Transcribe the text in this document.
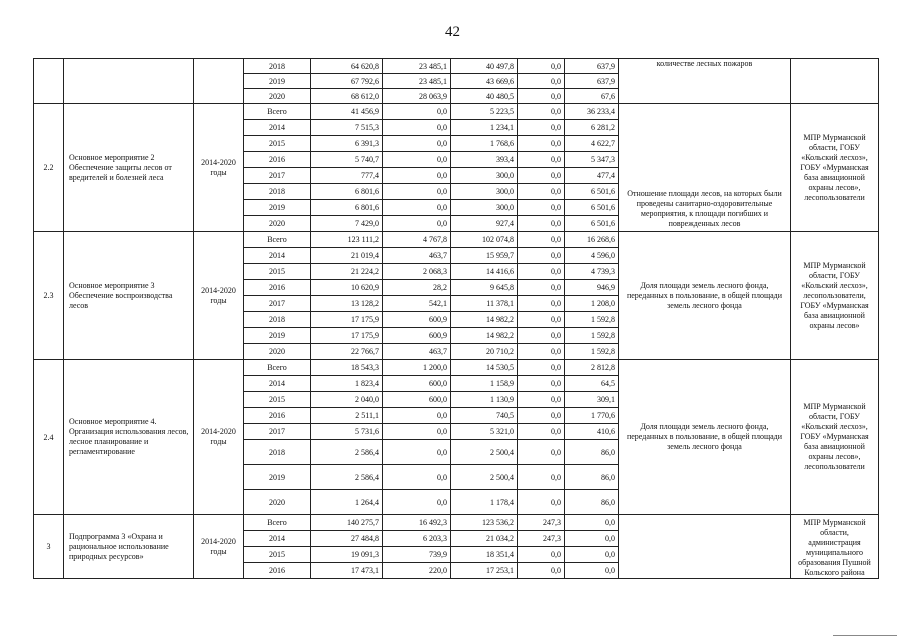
42
			2018	64 620,8	23 485,1	40 497,8	0,0	637,9	количестве лесных пожаров	
			2019	67 792,6	23 485,1	43 669,6	0,0	637,9		
			2020	68 612,0	28 063,9	40 480,5	0,0	67,6		
2.2	Основное мероприятие 2 Обеспечение защиты лесов от вредителей и болезней леса	2014-2020 годы	Всего	41 456,9	0,0	5 223,5	0,0	36 233,4	Отношение площади лесов, на которых были проведены санитарно-оздоровительные мероприятия, к площади погибших и поврежденных лесов	МПР Мурманской области, ГОБУ «Кольский лесхоз», ГОБУ «Мурманская база авиационной охраны лесов», лесопользователи
			2014	7 515,3	0,0	1 234,1	0,0	6 281,2		
			2015	6 391,3	0,0	1 768,6	0,0	4 622,7		
			2016	5 740,7	0,0	393,4	0,0	5 347,3		
			2017	777,4	0,0	300,0	0,0	477,4		
			2018	6 801,6	0,0	300,0	0,0	6 501,6		
			2019	6 801,6	0,0	300,0	0,0	6 501,6		
			2020	7 429,0	0,0	927,4	0,0	6 501,6		
2.3	Основное мероприятие 3 Обеспечение воспроизводства лесов	2014-2020 годы	Всего	123 111,2	4 767,8	102 074,8	0,0	16 268,6	Доля площади земель лесного фонда, переданных в пользование, в общей площади земель лесного фонда	МПР Мурманской области, ГОБУ «Кольский лесхоз», лесопользователи, ГОБУ «Мурманская база авиационной охраны лесов»
			2014	21 019,4	463,7	15 959,7	0,0	4 596,0		
			2015	21 224,2	2 068,3	14 416,6	0,0	4 739,3		
			2016	10 620,9	28,2	9 645,8	0,0	946,9		
			2017	13 128,2	542,1	11 378,1	0,0	1 208,0		
			2018	17 175,9	600,9	14 982,2	0,0	1 592,8		
			2019	17 175,9	600,9	14 982,2	0,0	1 592,8		
			2020	22 766,7	463,7	20 710,2	0,0	1 592,8		
2.4	Основное мероприятие 4. Организация использования лесов, лесное планирование и регламентирование	2014-2020 годы	Всего	18 543,3	1 200,0	14 530,5	0,0	2 812,8	Доля площади земель лесного фонда, переданных в пользование, в общей площади земель лесного фонда	МПР Мурманской области, ГОБУ «Кольский лесхоз», ГОБУ «Мурманская база авиационной охраны лесов», лесопользователи
			2014	1 823,4	600,0	1 158,9	0,0	64,5		
			2015	2 040,0	600,0	1 130,9	0,0	309,1		
			2016	2 511,1	0,0	740,5	0,0	1 770,6		
			2017	5 731,6	0,0	5 321,0	0,0	410,6		
			2018	2 586,4	0,0	2 500,4	0,0	86,0		
			2019	2 586,4	0,0	2 500,4	0,0	86,0		
			2020	1 264,4	0,0	1 178,4	0,0	86,0		
3	Подпрограмма 3 «Охрана и рациональное использование природных ресурсов»	2014-2020 годы	Всего	140 275,7	16 492,3	123 536,2	247,3	0,0		МПР Мурманской области, администрация муниципального образования Пушной Кольского района
			2014	27 484,8	6 203,3	21 034,2	247,3	0,0		
			2015	19 091,3	739,9	18 351,4	0,0	0,0		
			2016	17 473,1	220,0	17 253,1	0,0	0,0		
